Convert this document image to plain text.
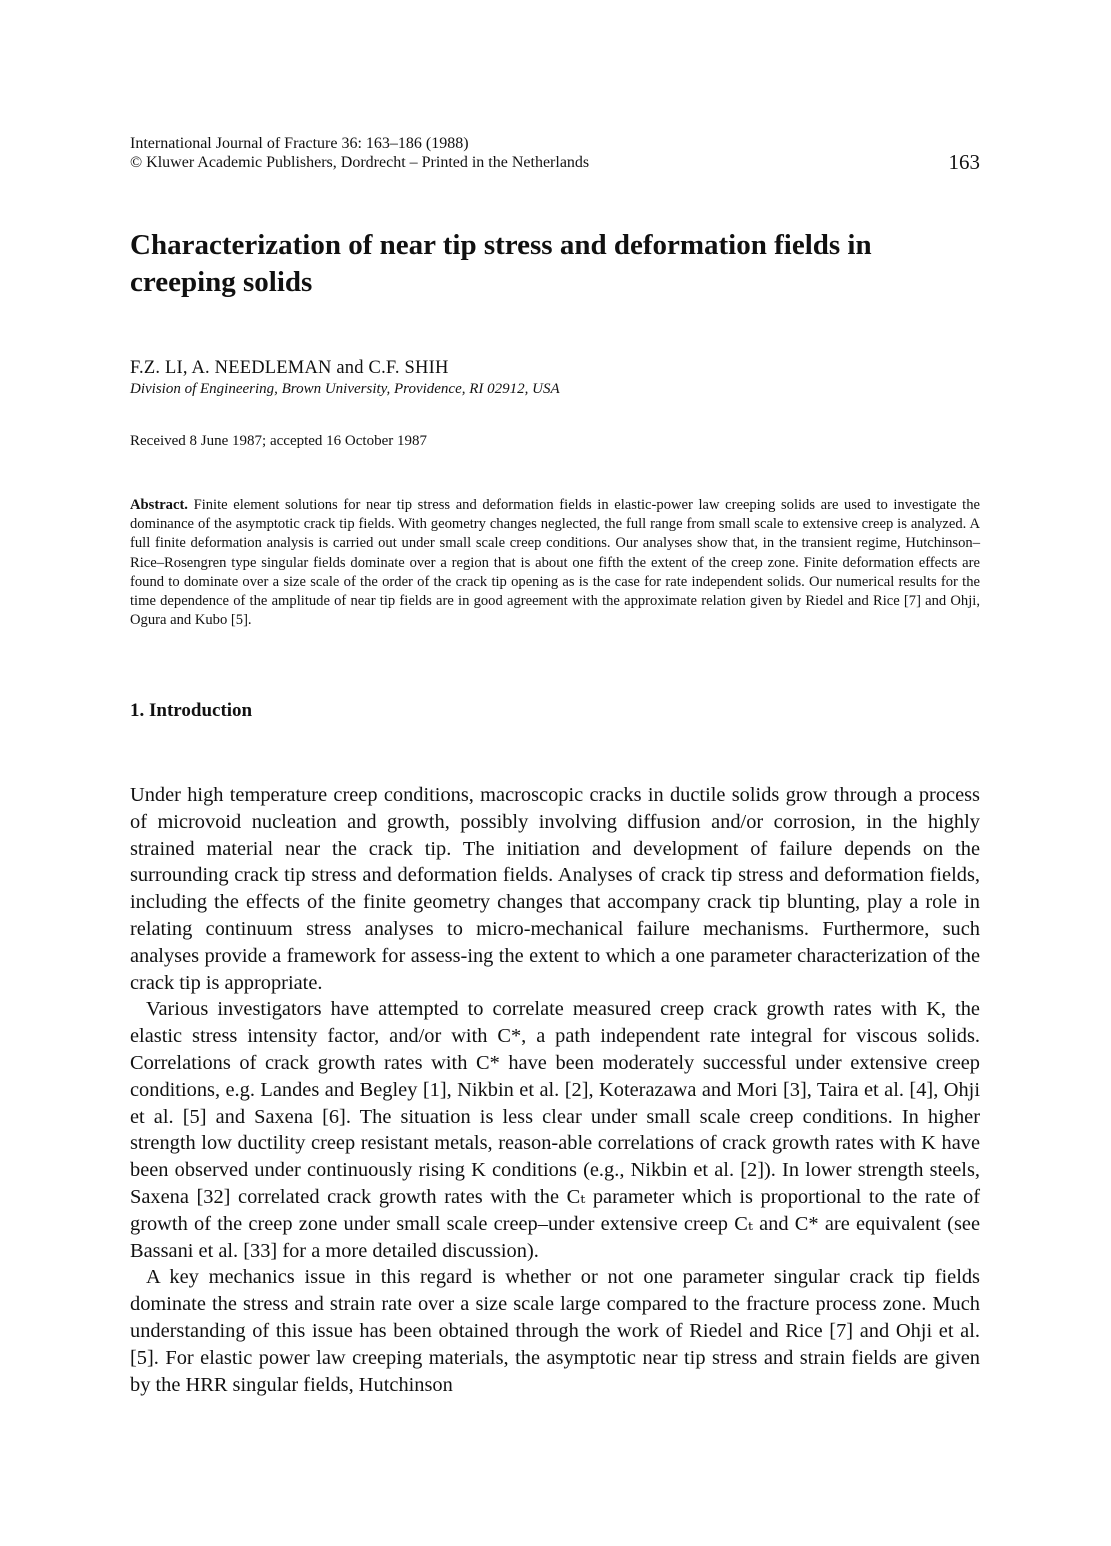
International Journal of Fracture 36: 163–186 (1988)
© Kluwer Academic Publishers, Dordrecht – Printed in the Netherlands	163
Characterization of near tip stress and deformation fields in creeping solids
F.Z. LI, A. NEEDLEMAN and C.F. SHIH
Division of Engineering, Brown University, Providence, RI 02912, USA
Received 8 June 1987; accepted 16 October 1987

Abstract. Finite element solutions for near tip stress and deformation fields in elastic-power law creeping solids are used to investigate the dominance of the asymptotic crack tip fields. With geometry changes neglected, the full range from small scale to extensive creep is analyzed. A full finite deformation analysis is carried out under small scale creep conditions. Our analyses show that, in the transient regime, Hutchinson–Rice–Rosengren type singular fields dominate over a region that is about one fifth the extent of the creep zone. Finite deformation effects are found to dominate over a size scale of the order of the crack tip opening as is the case for rate independent solids. Our numerical results for the time dependence of the amplitude of near tip fields are in good agreement with the approximate relation given by Riedel and Rice [7] and Ohji, Ogura and Kubo [5].

1. Introduction

Under high temperature creep conditions, macroscopic cracks in ductile solids grow through a process of microvoid nucleation and growth, possibly involving diffusion and/or corrosion, in the highly strained material near the crack tip. The initiation and development of failure depends on the surrounding crack tip stress and deformation fields. Analyses of crack tip stress and deformation fields, including the effects of the finite geometry changes that accompany crack tip blunting, play a role in relating continuum stress analyses to micro-mechanical failure mechanisms. Furthermore, such analyses provide a framework for assess-ing the extent to which a one parameter characterization of the crack tip is appropriate.

Various investigators have attempted to correlate measured creep crack growth rates with K, the elastic stress intensity factor, and/or with C*, a path independent rate integral for viscous solids. Correlations of crack growth rates with C* have been moderately successful under extensive creep conditions, e.g. Landes and Begley [1], Nikbin et al. [2], Koterazawa and Mori [3], Taira et al. [4], Ohji et al. [5] and Saxena [6]. The situation is less clear under small scale creep conditions. In higher strength low ductility creep resistant metals, reason-able correlations of crack growth rates with K have been observed under continuously rising K conditions (e.g., Nikbin et al. [2]). In lower strength steels, Saxena [32] correlated crack growth rates with the Cₜ parameter which is proportional to the rate of growth of the creep zone under small scale creep–under extensive creep Cₜ and C* are equivalent (see Bassani et al. [33] for a more detailed discussion).

A key mechanics issue in this regard is whether or not one parameter singular crack tip fields dominate the stress and strain rate over a size scale large compared to the fracture process zone. Much understanding of this issue has been obtained through the work of Riedel and Rice [7] and Ohji et al. [5]. For elastic power law creeping materials, the asymptotic near tip stress and strain fields are given by the HRR singular fields, Hutchinson
